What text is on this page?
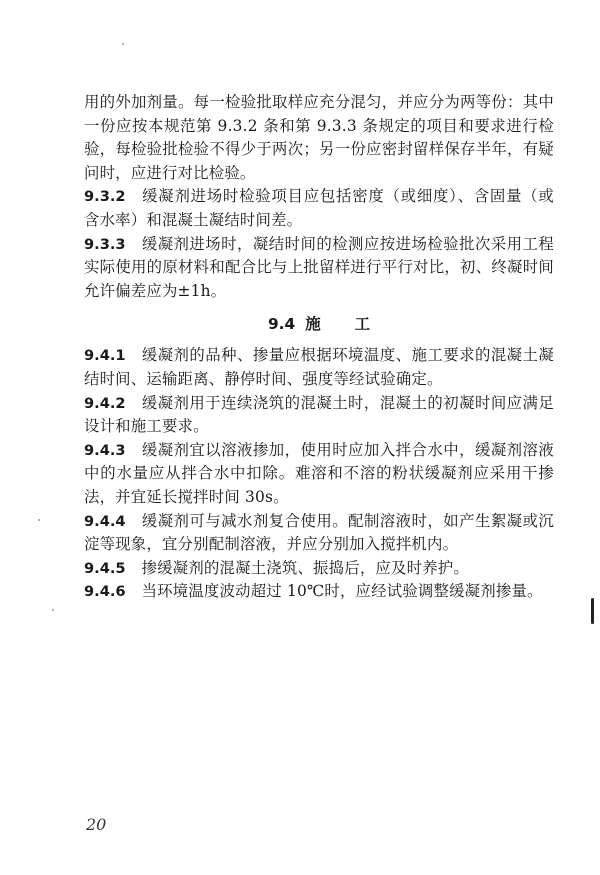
用的外加剂量。每一检验批取样应充分混匀，并应分为两等份：其中一份应按本规范第 9.3.2 条和第 9.3.3 条规定的项目和要求进行检验，每检验批检验不得少于两次；另一份应密封留样保存半年，有疑问时，应进行对比检验。

9.3.2 缓凝剂进场时检验项目应包括密度（或细度）、含固量（或含水率）和混凝土凝结时间差。

9.3.3 缓凝剂进场时，凝结时间的检测应按进场检验批次采用工程实际使用的原材料和配合比与上批留样进行平行对比，初、终凝时间允许偏差应为±1h。

9.4 施工

9.4.1 缓凝剂的品种、掺量应根据环境温度、施工要求的混凝土凝结时间、运输距离、静停时间、强度等经试验确定。

9.4.2 缓凝剂用于连续浇筑的混凝土时，混凝土的初凝时间应满足设计和施工要求。

9.4.3 缓凝剂宜以溶液掺加，使用时应加入拌合水中，缓凝剂溶液中的水量应从拌合水中扣除。难溶和不溶的粉状缓凝剂应采用干掺法，并宜延长搅拌时间 30s。

9.4.4 缓凝剂可与减水剂复合使用。配制溶液时，如产生絮凝或沉淀等现象，宜分别配制溶液，并应分别加入搅拌机内。

9.4.5 掺缓凝剂的混凝土浇筑、振捣后，应及时养护。

9.4.6 当环境温度波动超过 10℃时，应经试验调整缓凝剂掺量。

20
